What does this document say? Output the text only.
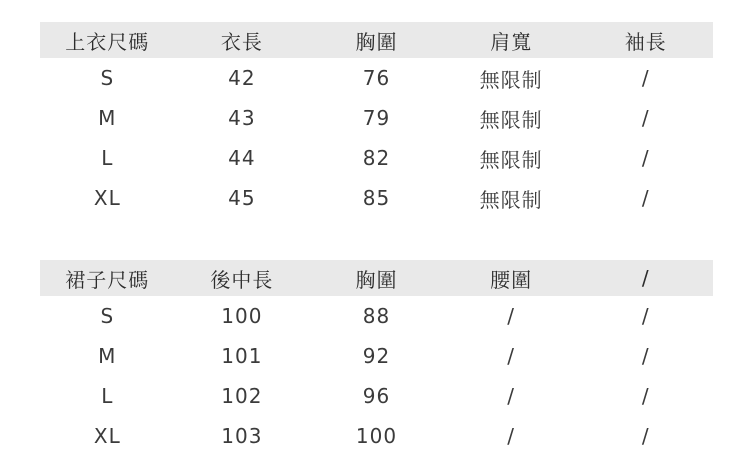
上衣尺碼	衣長	胸圍	肩寬	袖長
S	42	76	無限制	/
M	43	79	無限制	/
L	44	82	無限制	/
XL	45	85	無限制	/
裙子尺碼	後中長	胸圍	腰圍	/
S	100	88	/	/
M	101	92	/	/
L	102	96	/	/
XL	103	100	/	/
